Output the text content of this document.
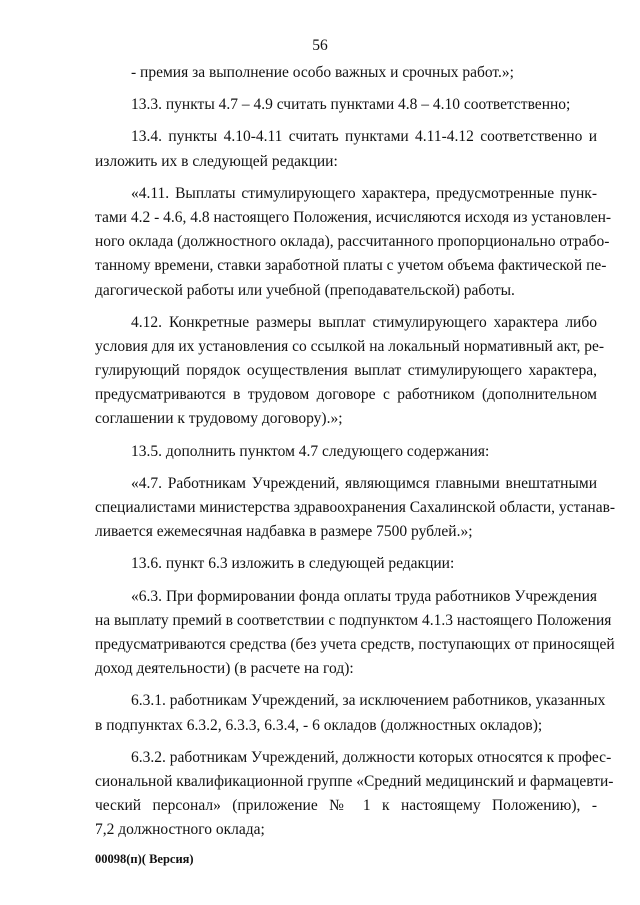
56
- премия за выполнение особо важных и срочных работ.»;
13.3. пункты 4.7 – 4.9 считать пунктами 4.8 – 4.10 соответственно;
13.4. пункты 4.10-4.11 считать пунктами 4.11-4.12 соответственно и
изложить их в следующей редакции:
«4.11. Выплаты стимулирующего характера, предусмотренные пунк-
тами 4.2 - 4.6, 4.8 настоящего Положения, исчисляются исходя из установлен-
ного оклада (должностного оклада), рассчитанного пропорционально отрабо-
танному времени, ставки заработной платы с учетом объема фактической пе-
дагогической работы или учебной (преподавательской) работы.
4.12. Конкретные размеры выплат стимулирующего характера либо
условия для их установления со ссылкой на локальный нормативный акт, ре-
гулирующий порядок осуществления выплат стимулирующего характера,
предусматриваются в трудовом договоре с работником (дополнительном
соглашении к трудовому договору).»;
13.5. дополнить пунктом 4.7 следующего содержания:
«4.7. Работникам Учреждений, являющимся главными внештатными
специалистами министерства здравоохранения Сахалинской области, устанав-
ливается ежемесячная надбавка в размере 7500 рублей.»;
13.6. пункт 6.3 изложить в следующей редакции:
«6.3. При формировании фонда оплаты труда работников Учреждения
на выплату премий в соответствии с подпунктом 4.1.3 настоящего Положения
предусматриваются средства (без учета средств, поступающих от приносящей
доход деятельности) (в расчете на год):
6.3.1. работникам Учреждений, за исключением работников, указанных
в подпунктах 6.3.2, 6.3.3, 6.3.4, - 6 окладов (должностных окладов);
6.3.2. работникам Учреждений, должности которых относятся к профес-
сиональной квалификационной группе «Средний медицинский и фармацевти-
ческий персонал» (приложение № 1 к настоящему Положению), -
7,2 должностного оклада;
00098(п)( Версия)
